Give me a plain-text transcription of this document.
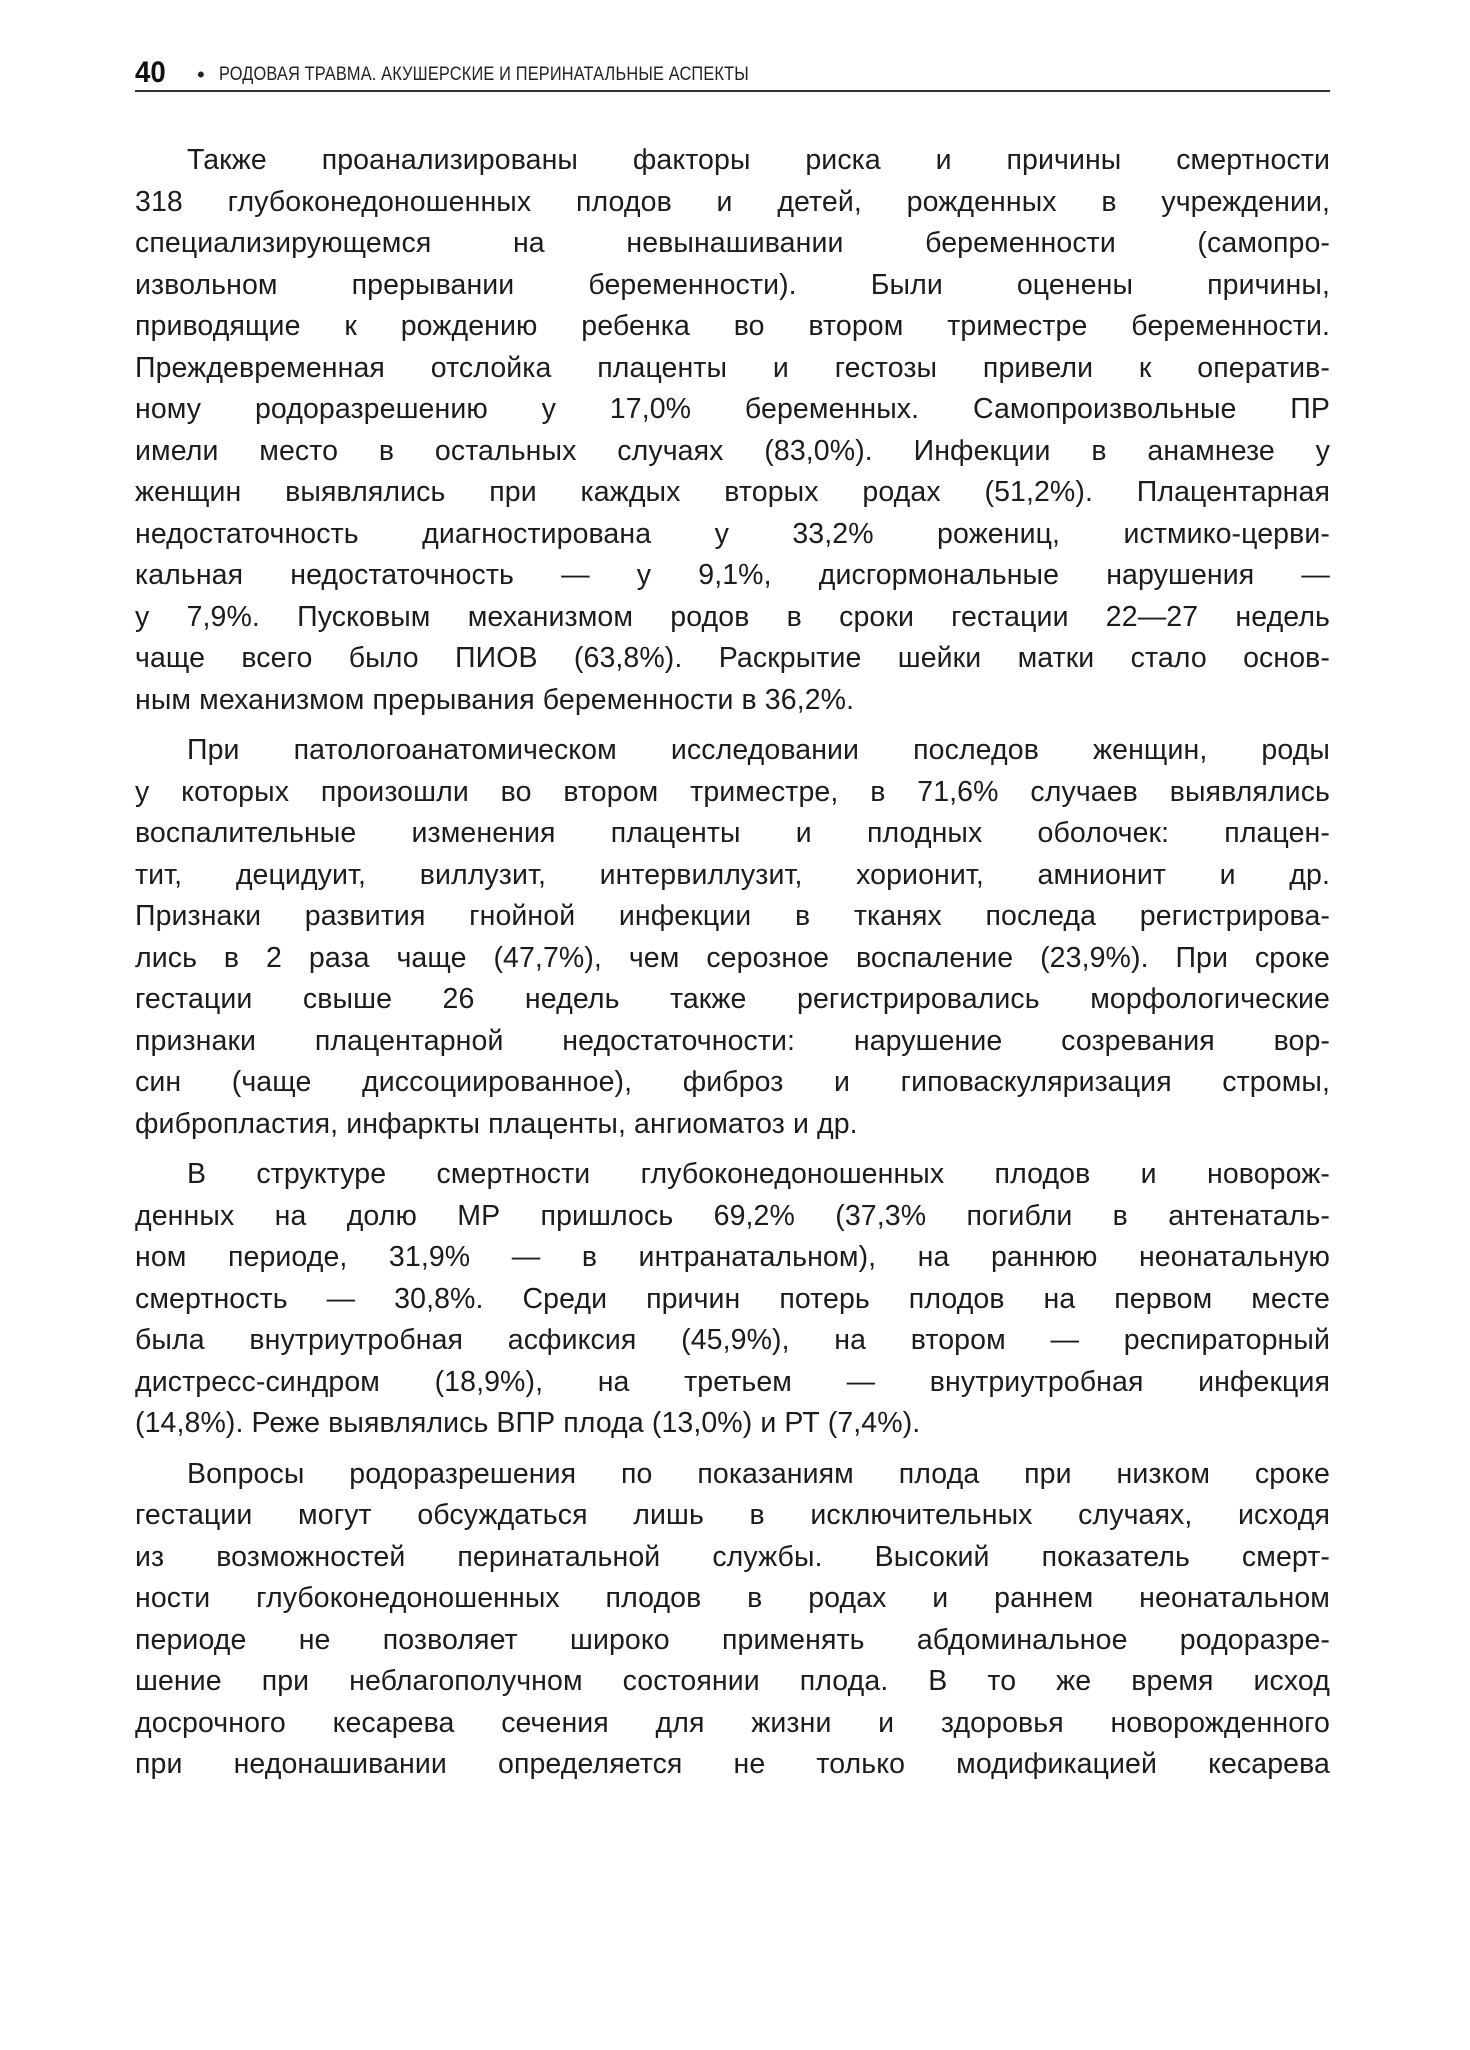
40	• РОДОВАЯ ТРАВМА. АКУШЕРСКИЕ И ПЕРИНАТАЛЬНЫЕ АСПЕКТЫ
Также проанализированы факторы риска и причины смертности
318 глубоконедоношенных плодов и детей, рожденных в учреждении,
специализирующемся на невынашивании беременности (самопро-
извольном прерывании беременности). Были оценены причины,
приводящие к рождению ребенка во втором триместре беременности.
Преждевременная отслойка плаценты и гестозы привели к оператив-
ному родоразрешению у 17,0% беременных. Самопроизвольные ПР
имели место в остальных случаях (83,0%). Инфекции в анамнезе у
женщин выявлялись при каждых вторых родах (51,2%). Плацентарная
недостаточность диагностирована у 33,2% рожениц, истмико-церви-
кальная недостаточность — у 9,1%, дисгормональные нарушения —
у 7,9%. Пусковым механизмом родов в сроки гестации 22—27 недель
чаще всего было ПИОВ (63,8%). Раскрытие шейки матки стало основ-
ным механизмом прерывания беременности в 36,2%.
При патологоанатомическом исследовании последов женщин, роды
у которых произошли во втором триместре, в 71,6% случаев выявлялись
воспалительные изменения плаценты и плодных оболочек: плацен-
тит, децидуит, виллузит, интервиллузит, хорионит, амнионит и др.
Признаки развития гнойной инфекции в тканях последа регистрирова-
лись в 2 раза чаще (47,7%), чем серозное воспаление (23,9%). При сроке
гестации свыше 26 недель также регистрировались морфологические
признаки плацентарной недостаточности: нарушение созревания вор-
син (чаще диссоциированное), фиброз и гиповаскуляризация стромы,
фибропластия, инфаркты плаценты, ангиоматоз и др.
В структуре смертности глубоконедоношенных плодов и новорож-
денных на долю МР пришлось 69,2% (37,3% погибли в антенаталь-
ном периоде, 31,9% — в интранатальном), на раннюю неонатальную
смертность — 30,8%. Среди причин потерь плодов на первом месте
была внутриутробная асфиксия (45,9%), на втором — респираторный
дистресс-синдром (18,9%), на третьем — внутриутробная инфекция
(14,8%). Реже выявлялись ВПР плода (13,0%) и РТ (7,4%).
Вопросы родоразрешения по показаниям плода при низком сроке
гестации могут обсуждаться лишь в исключительных случаях, исходя
из возможностей перинатальной службы. Высокий показатель смерт-
ности глубоконедоношенных плодов в родах и раннем неонатальном
периоде не позволяет широко применять абдоминальное родоразре-
шение при неблагополучном состоянии плода. В то же время исход
досрочного кесарева сечения для жизни и здоровья новорожденного
при недонашивании определяется не только модификацией кесарева
